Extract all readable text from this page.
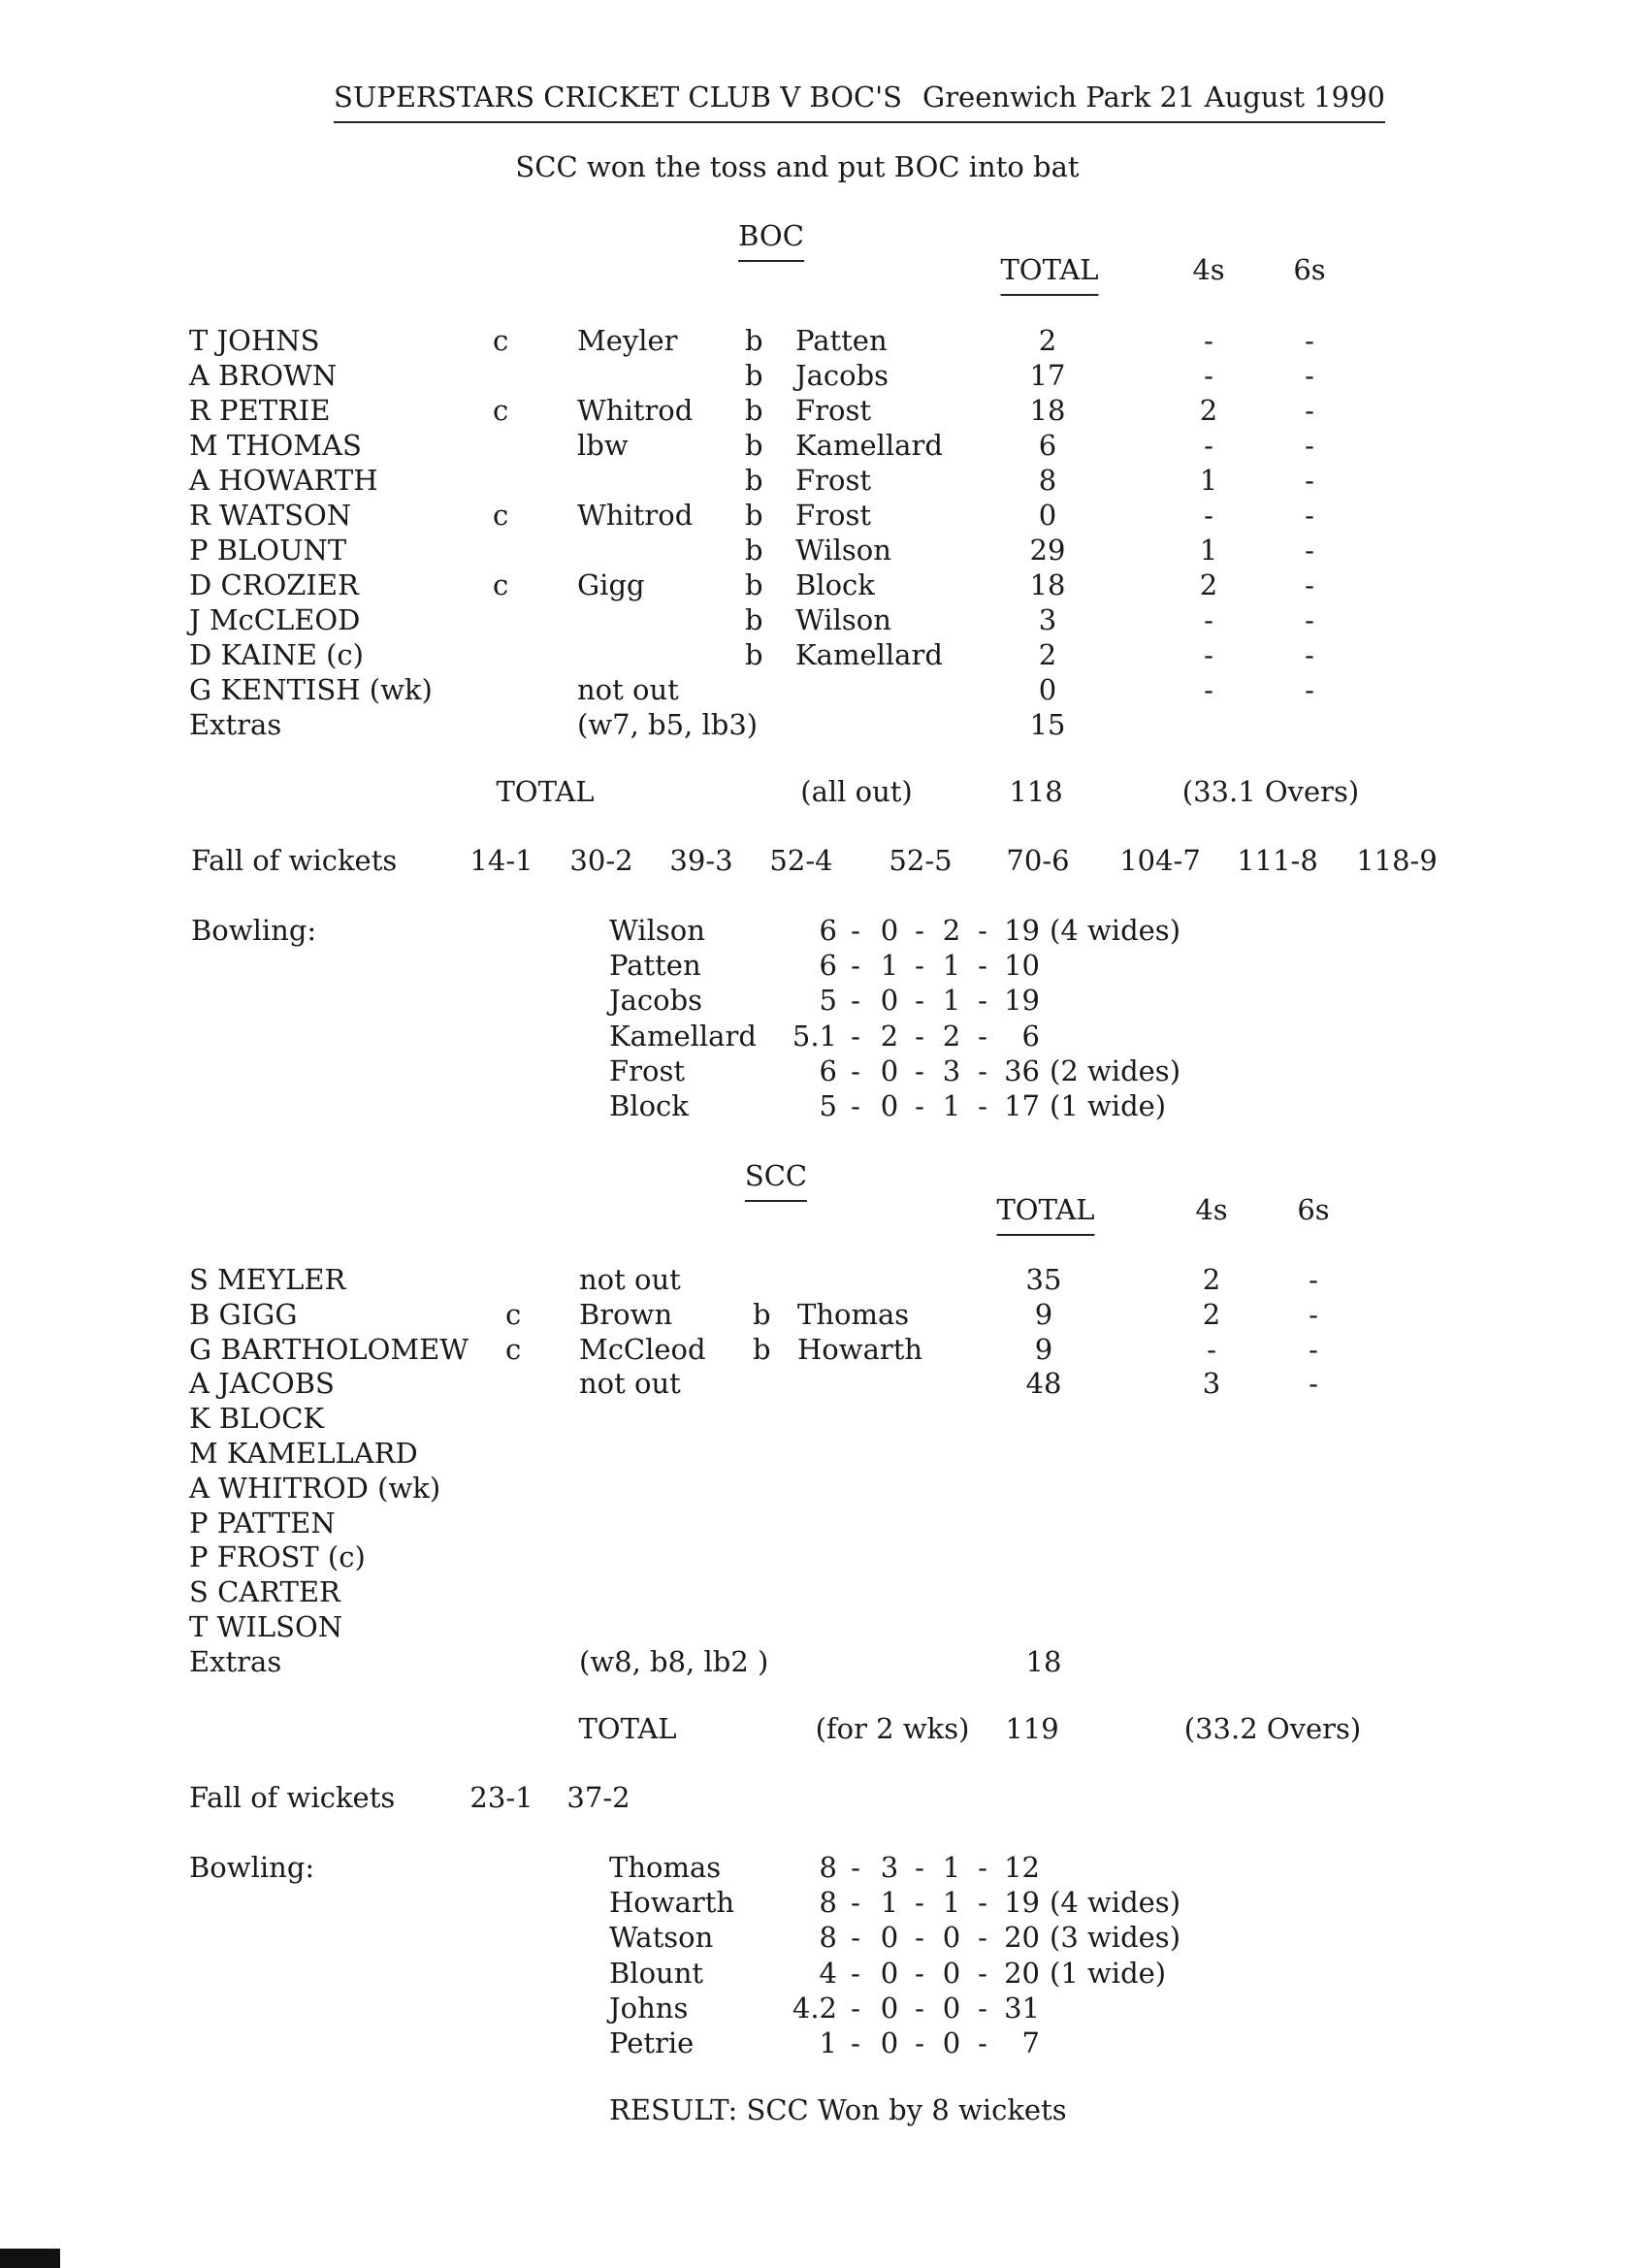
SUPERSTARS CRICKET CLUB V BOC'S Greenwich Park 21 August 1990
SCC won the toss and put BOC into bat
BOC
TOTAL	4s 6s
T JOHNS	c Meyler b Patten	2	-	-
A BROWN	b Jacobs	17	-	-
R PETRIE	c Whitrod b Frost	18	2	-
M THOMAS	lbw	b Kamellard	6	-	-
A HOWARTH	b Frost	8	1	-
R WATSON	c Whitrod b Frost	0	-	-
P BLOUNT	b Wilson	29	1	-
D CROZIER	c Gigg	b Block	18	2	-
J McCLEOD	b Wilson	3	-	-
D KAINE (c)	b Kamellard	2	-	-
G KENTISH (wk)	not out	0	-	-
Extras	(w7, b5, lb3)	15
TOTAL	(all out)	118	(33.1 Overs)
Fall of wickets	14-1 30-2 39-3 52-4 52-5 70-6 104-7 111-8 118-9
Bowling:	Wilson	6 - 0 - 2 - 19 (4 wides)
Patten	6 - 1 - 1 - 10
Jacobs	5 - 0 - 1 - 19
Kamellard 5.1 - 2 - 2 - 6
Frost	6 - 0 - 3 - 36 (2 wides)
Block	5 - 0 - 1 - 17 (1 wide)
SCC
TOTAL	4s 6s
S MEYLER	not out	35	2	-
B GIGG	c Brown	b Thomas	9	2	-
G BARTHOLOMEW c McCleod b Howarth	9	-	-
A JACOBS	not out	48	3	-
K BLOCK
M KAMELLARD
A WHITROD (wk)
P PATTEN
P FROST (c)
S CARTER
T WILSON
Extras	(w8, b8, lb2 )	18
TOTAL	(for 2 wks) 119	(33.2 Overs)
Fall of wickets	23-1 37-2
Bowling:	Thomas	8 - 3 - 1 - 12
Howarth	8 - 1 - 1 - 19 (4 wides)
Watson	8 - 0 - 0 - 20 (3 wides)
Blount	4 - 0 - 0 - 20 (1 wide)
Johns	4.2 - 0 - 0 - 31
Petrie	1 - 0 - 0 - 7
RESULT: SCC Won by 8 wickets
